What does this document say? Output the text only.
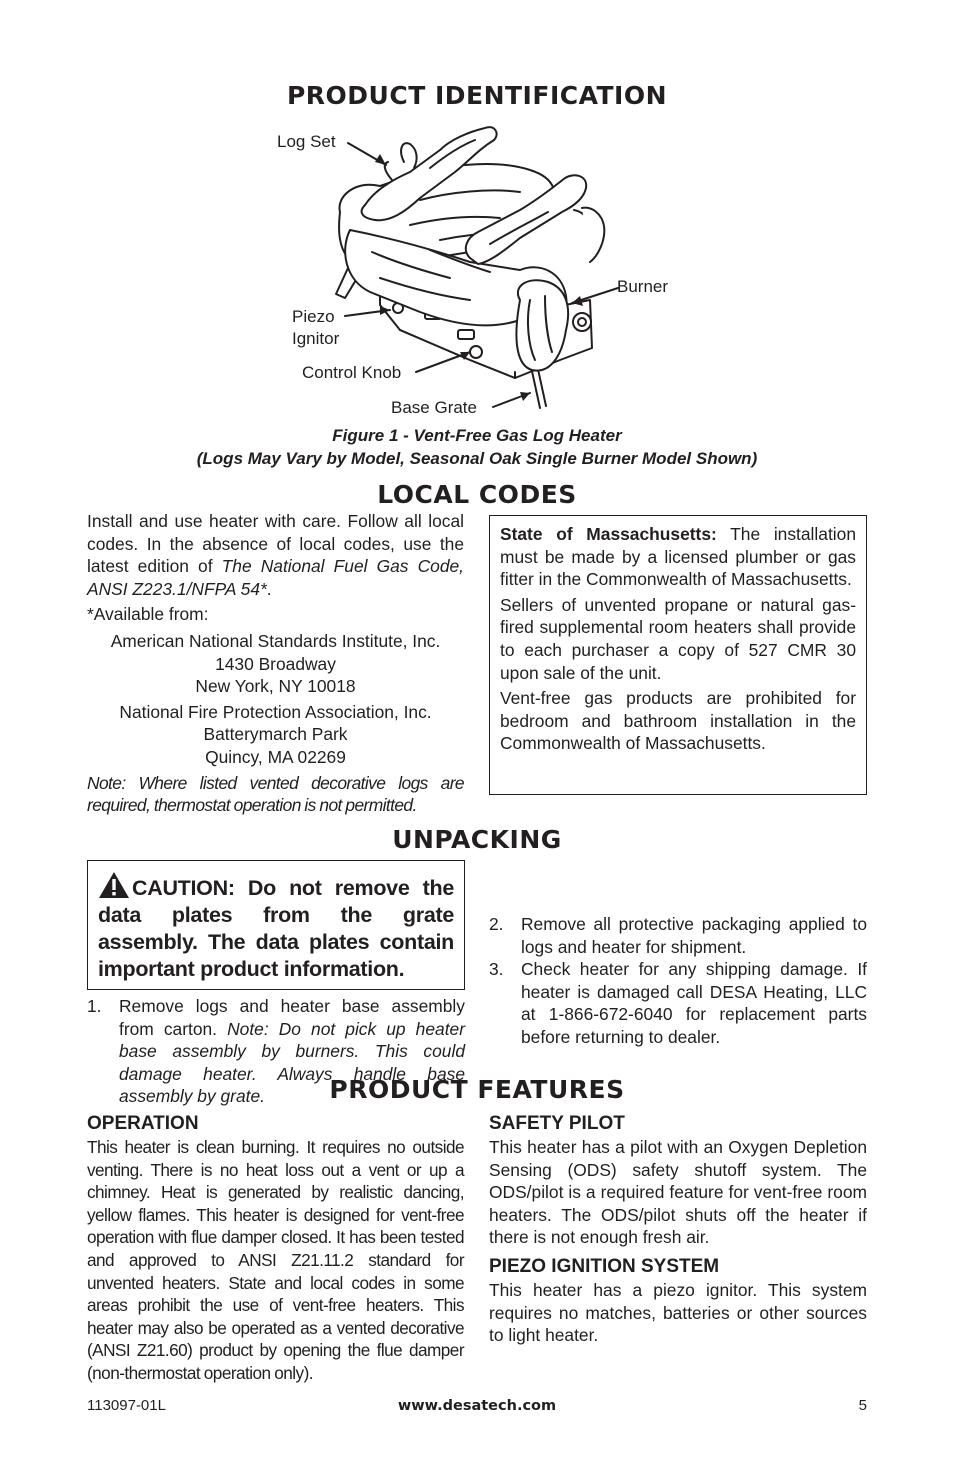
PRODUCT IDENTIFICATION
Log Set
Burner
Piezo
Ignitor
Control Knob
Base Grate
Figure 1 - Vent-Free Gas Log Heater
(Logs May Vary by Model, Seasonal Oak Single Burner Model Shown)
LOCAL CODES

Install and use heater with care. Follow all local codes. In the absence of local codes, use the latest edition of The National Fuel Gas Code, ANSI Z223.1/NFPA 54*.

*Available from:

American National Standards Institute, Inc.
1430 Broadway
New York, NY 10018
National Fire Protection Association, Inc.
Batterymarch Park
Quincy, MA 02269

Note: Where listed vented decorative logs are required, thermostat operation is not permitted.

State of Massachusetts: The installation must be made by a licensed plumber or gas fitter in the Commonwealth of Massachusetts.

Sellers of unvented propane or natural gas-fired supplemental room heaters shall provide to each purchaser a copy of 527 CMR 30 upon sale of the unit.

Vent-free gas products are prohibited for bedroom and bathroom installation in the Commonwealth of Massachusetts.

UNPACKING
CAUTION: Do not remove the data plates from the grate assembly. The data plates contain important product information.
1. Remove logs and heater base assembly from carton. Note: Do not pick up heater base assembly by burners. This could damage heater. Always handle base assembly by grate.
2. Remove all protective packaging applied to logs and heater for shipment.
3. Check heater for any shipping damage. If heater is damaged call DESA Heating, LLC at 1-866-672-6040 for replacement parts before returning to dealer.
PRODUCT FEATURES
OPERATION

This heater is clean burning. It requires no outside venting. There is no heat loss out a vent or up a chimney. Heat is generated by realistic dancing, yellow flames. This heater is designed for vent-free operation with flue damper closed. It has been tested and approved to ANSI Z21.11.2 standard for unvented heaters. State and local codes in some areas prohibit the use of vent-free heaters. This heater may also be operated as a vented decorative (ANSI Z21.60) product by opening the flue damper (non-thermostat operation only).

SAFETY PILOT

This heater has a pilot with an Oxygen Depletion Sensing (ODS) safety shutoff system. The ODS/pilot is a required feature for vent-free room heaters. The ODS/pilot shuts off the heater if there is not enough fresh air.

PIEZO IGNITION SYSTEM

This heater has a piezo ignitor. This system requires no matches, batteries or other sources to light heater.

113097-01L	www.desatech.com	5
